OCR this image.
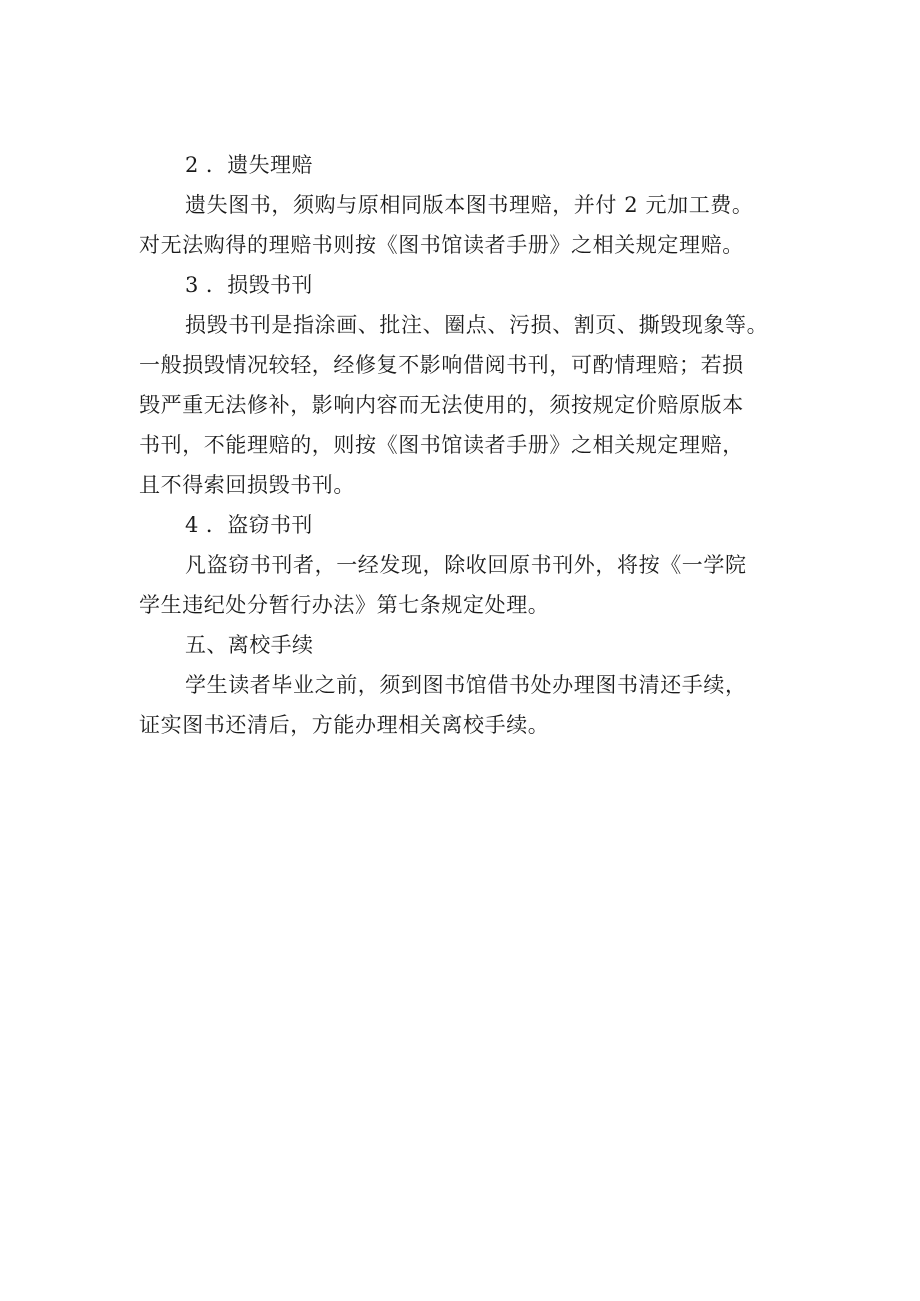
2 ．遗失理赔
遗失图书，须购与原相同版本图书理赔，并付 2 元加工费。
对无法购得的理赔书则按《图书馆读者手册》之相关规定理赔。
3 ．损毁书刊
损毁书刊是指涂画、批注、圈点、污损、割页、撕毁现象等。
一般损毁情况较轻，经修复不影响借阅书刊，可酌情理赔；若损
毁严重无法修补，影响内容而无法使用的，须按规定价赔原版本
书刊，不能理赔的，则按《图书馆读者手册》之相关规定理赔，
且不得索回损毁书刊。
4 ．盗窃书刊
凡盗窃书刊者，一经发现，除收回原书刊外，将按《一学院
学生违纪处分暂行办法》第七条规定处理。
五、离校手续
学生读者毕业之前，须到图书馆借书处办理图书清还手续，
证实图书还清后，方能办理相关离校手续。
